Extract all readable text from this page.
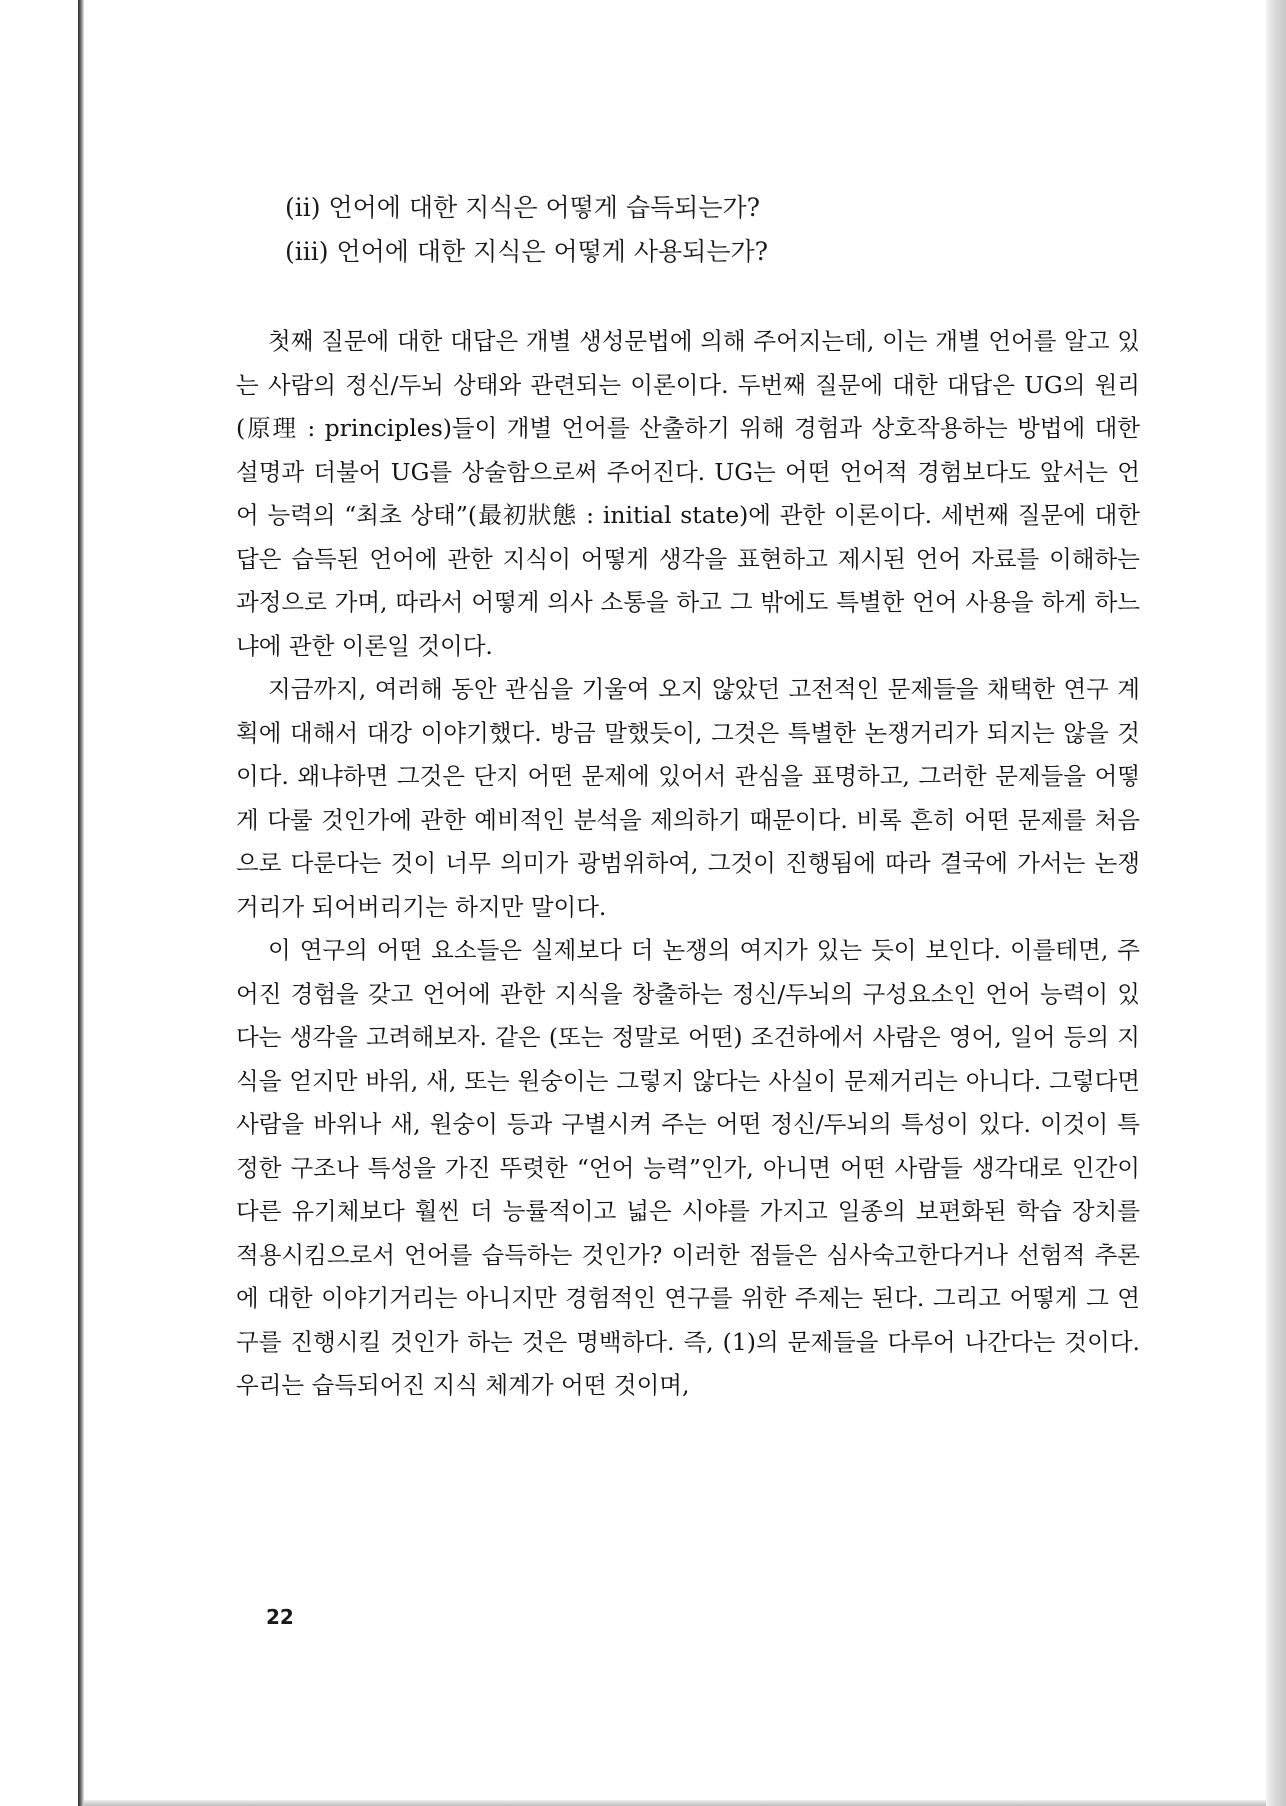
(ii) 언어에 대한 지식은 어떻게 습득되는가?
(iii) 언어에 대한 지식은 어떻게 사용되는가?

첫째 질문에 대한 대답은 개별 생성문법에 의해 주어지는데, 이는 개별 언어를 알고 있는 사람의 정신/두뇌 상태와 관련되는 이론이다. 두번째 질문에 대한 대답은 UG의 원리(原理 : principles)들이 개별 언어를 산출하기 위해 경험과 상호작용하는 방법에 대한 설명과 더불어 UG를 상술함으로써 주어진다. UG는 어떤 언어적 경험보다도 앞서는 언어 능력의 “최초 상태”(最初狀態 : initial state)에 관한 이론이다. 세번째 질문에 대한 답은 습득된 언어에 관한 지식이 어떻게 생각을 표현하고 제시된 언어 자료를 이해하는 과정으로 가며, 따라서 어떻게 의사 소통을 하고 그 밖에도 특별한 언어 사용을 하게 하느냐에 관한 이론일 것이다.

지금까지, 여러해 동안 관심을 기울여 오지 않았던 고전적인 문제들을 채택한 연구 계획에 대해서 대강 이야기했다. 방금 말했듯이, 그것은 특별한 논쟁거리가 되지는 않을 것이다. 왜냐하면 그것은 단지 어떤 문제에 있어서 관심을 표명하고, 그러한 문제들을 어떻게 다룰 것인가에 관한 예비적인 분석을 제의하기 때문이다. 비록 흔히 어떤 문제를 처음으로 다룬다는 것이 너무 의미가 광범위하여, 그것이 진행됨에 따라 결국에 가서는 논쟁거리가 되어버리기는 하지만 말이다.

이 연구의 어떤 요소들은 실제보다 더 논쟁의 여지가 있는 듯이 보인다. 이를테면, 주어진 경험을 갖고 언어에 관한 지식을 창출하는 정신/두뇌의 구성요소인 언어 능력이 있다는 생각을 고려해보자. 같은 (또는 정말로 어떤) 조건하에서 사람은 영어, 일어 등의 지식을 얻지만 바위, 새, 또는 원숭이는 그렇지 않다는 사실이 문제거리는 아니다. 그렇다면 사람을 바위나 새, 원숭이 등과 구별시켜 주는 어떤 정신/두뇌의 특성이 있다. 이것이 특정한 구조나 특성을 가진 뚜렷한 “언어 능력”인가, 아니면 어떤 사람들 생각대로 인간이 다른 유기체보다 훨씬 더 능률적이고 넓은 시야를 가지고 일종의 보편화된 학습 장치를 적용시킴으로서 언어를 습득하는 것인가? 이러한 점들은 심사숙고한다거나 선험적 추론에 대한 이야기거리는 아니지만 경험적인 연구를 위한 주제는 된다. 그리고 어떻게 그 연구를 진행시킬 것인가 하는 것은 명백하다. 즉, (1)의 문제들을 다루어 나간다는 것이다. 우리는 습득되어진 지식 체계가 어떤 것이며,

22
